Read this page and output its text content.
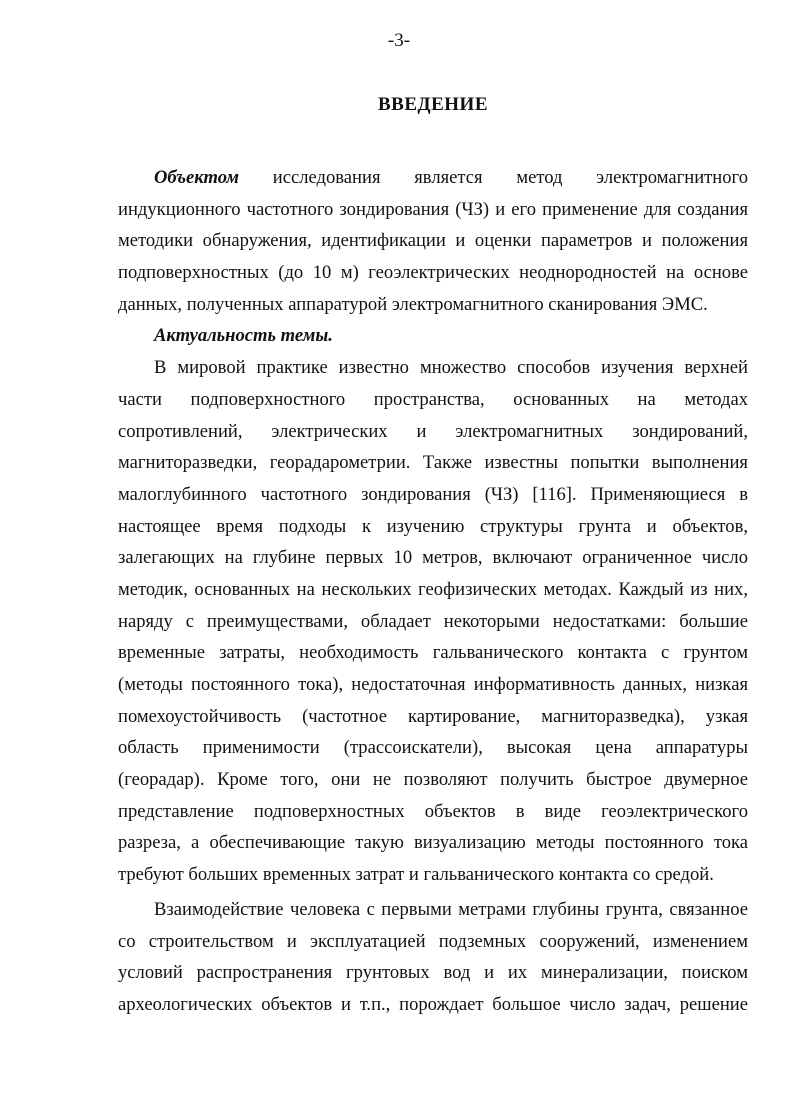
-3-
ВВЕДЕНИЕ
Объектом исследования является метод электромагнитного
индукционного частотного зондирования (ЧЗ) и его применение для создания
методики обнаружения, идентификации и оценки параметров и положения
подповерхностных (до 10 м) геоэлектрических неоднородностей на основе
данных, полученных аппаратурой электромагнитного сканирования ЭМС.
Актуальность темы.
В мировой практике известно множество способов изучения верхней
части подповерхностного пространства, основанных на методах
сопротивлений, электрических и электромагнитных зондирований,
магниторазведки, георадарометрии. Также известны попытки выполнения
малоглубинного частотного зондирования (ЧЗ) [116]. Применяющиеся в
настоящее время подходы к изучению структуры грунта и объектов,
залегающих на глубине первых 10 метров, включают ограниченное число
методик, основанных на нескольких геофизических методах. Каждый из них,
наряду с преимуществами, обладает некоторыми недостатками: большие
временные затраты, необходимость гальванического контакта с грунтом
(методы постоянного тока), недостаточная информативность данных, низкая
помехоустойчивость (частотное картирование, магниторазведка), узкая
область применимости (трассоискатели), высокая цена аппаратуры
(георадар). Кроме того, они не позволяют получить быстрое двумерное
представление подповерхностных объектов в виде геоэлектрического
разреза, а обеспечивающие такую визуализацию методы постоянного тока
требуют больших временных затрат и гальванического контакта со средой.
Взаимодействие человека с первыми метрами глубины грунта, связанное
со строительством и эксплуатацией подземных сооружений, изменением
условий распространения грунтовых вод и их минерализации, поиском
археологических объектов и т.п., порождает большое число задач, решение
